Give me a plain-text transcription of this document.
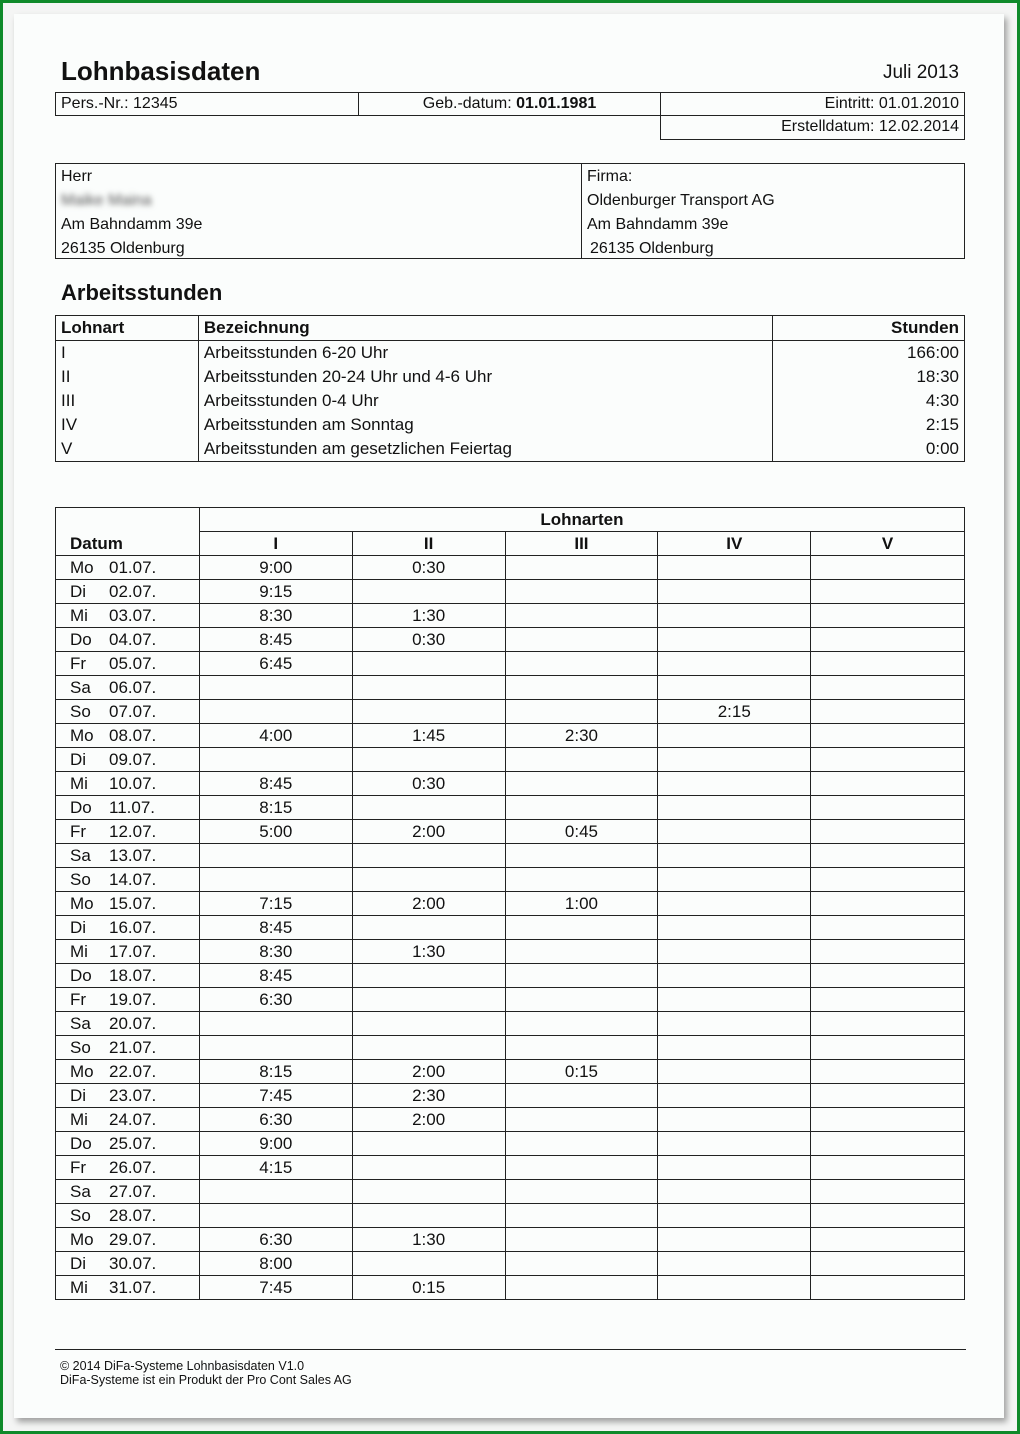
Lohnbasisdaten	Juli 2013
Pers.-Nr.: 12345	Geb.-datum: 01.01.1981	Eintritt: 01.01.2010
Erstelldatum: 12.02.2014
Herr
Maike Maina
Am Bahndamm 39e
26135 Oldenburg
Firma:
Oldenburger Transport AG
Am Bahndamm 39e
26135 Oldenburg
Arbeitsstunden
Lohnart	Bezeichnung	Stunden
I	Arbeitsstunden 6-20 Uhr	166:00
II	Arbeitsstunden 20-24 Uhr und 4-6 Uhr	18:30
III	Arbeitsstunden 0-4 Uhr	4:30
IV	Arbeitsstunden am Sonntag	2:15
V	Arbeitsstunden am gesetzlichen Feiertag	0:00
	Lohnarten				
Datum	I	II	III	IV	V
Mo 01.07.	9:00	0:30			
Di 02.07.	9:15				
Mi 03.07.	8:30	1:30			
Do 04.07.	8:45	0:30			
Fr 05.07.	6:45				
Sa 06.07.					
So 07.07.				2:15	
Mo 08.07.	4:00	1:45	2:30		
Di 09.07.					
Mi 10.07.	8:45	0:30			
Do 11.07.	8:15				
Fr 12.07.	5:00	2:00	0:45		
Sa 13.07.					
So 14.07.					
Mo 15.07.	7:15	2:00	1:00		
Di 16.07.	8:45				
Mi 17.07.	8:30	1:30			
Do 18.07.	8:45				
Fr 19.07.	6:30				
Sa 20.07.					
So 21.07.					
Mo 22.07.	8:15	2:00	0:15		
Di 23.07.	7:45	2:30			
Mi 24.07.	6:30	2:00			
Do 25.07.	9:00				
Fr 26.07.	4:15				
Sa 27.07.					
So 28.07.					
Mo 29.07.	6:30	1:30			
Di 30.07.	8:00				
Mi 31.07.	7:45	0:15			
© 2014 DiFa-Systeme Lohnbasisdaten V1.0
DiFa-Systeme ist ein Produkt der Pro Cont Sales AG
